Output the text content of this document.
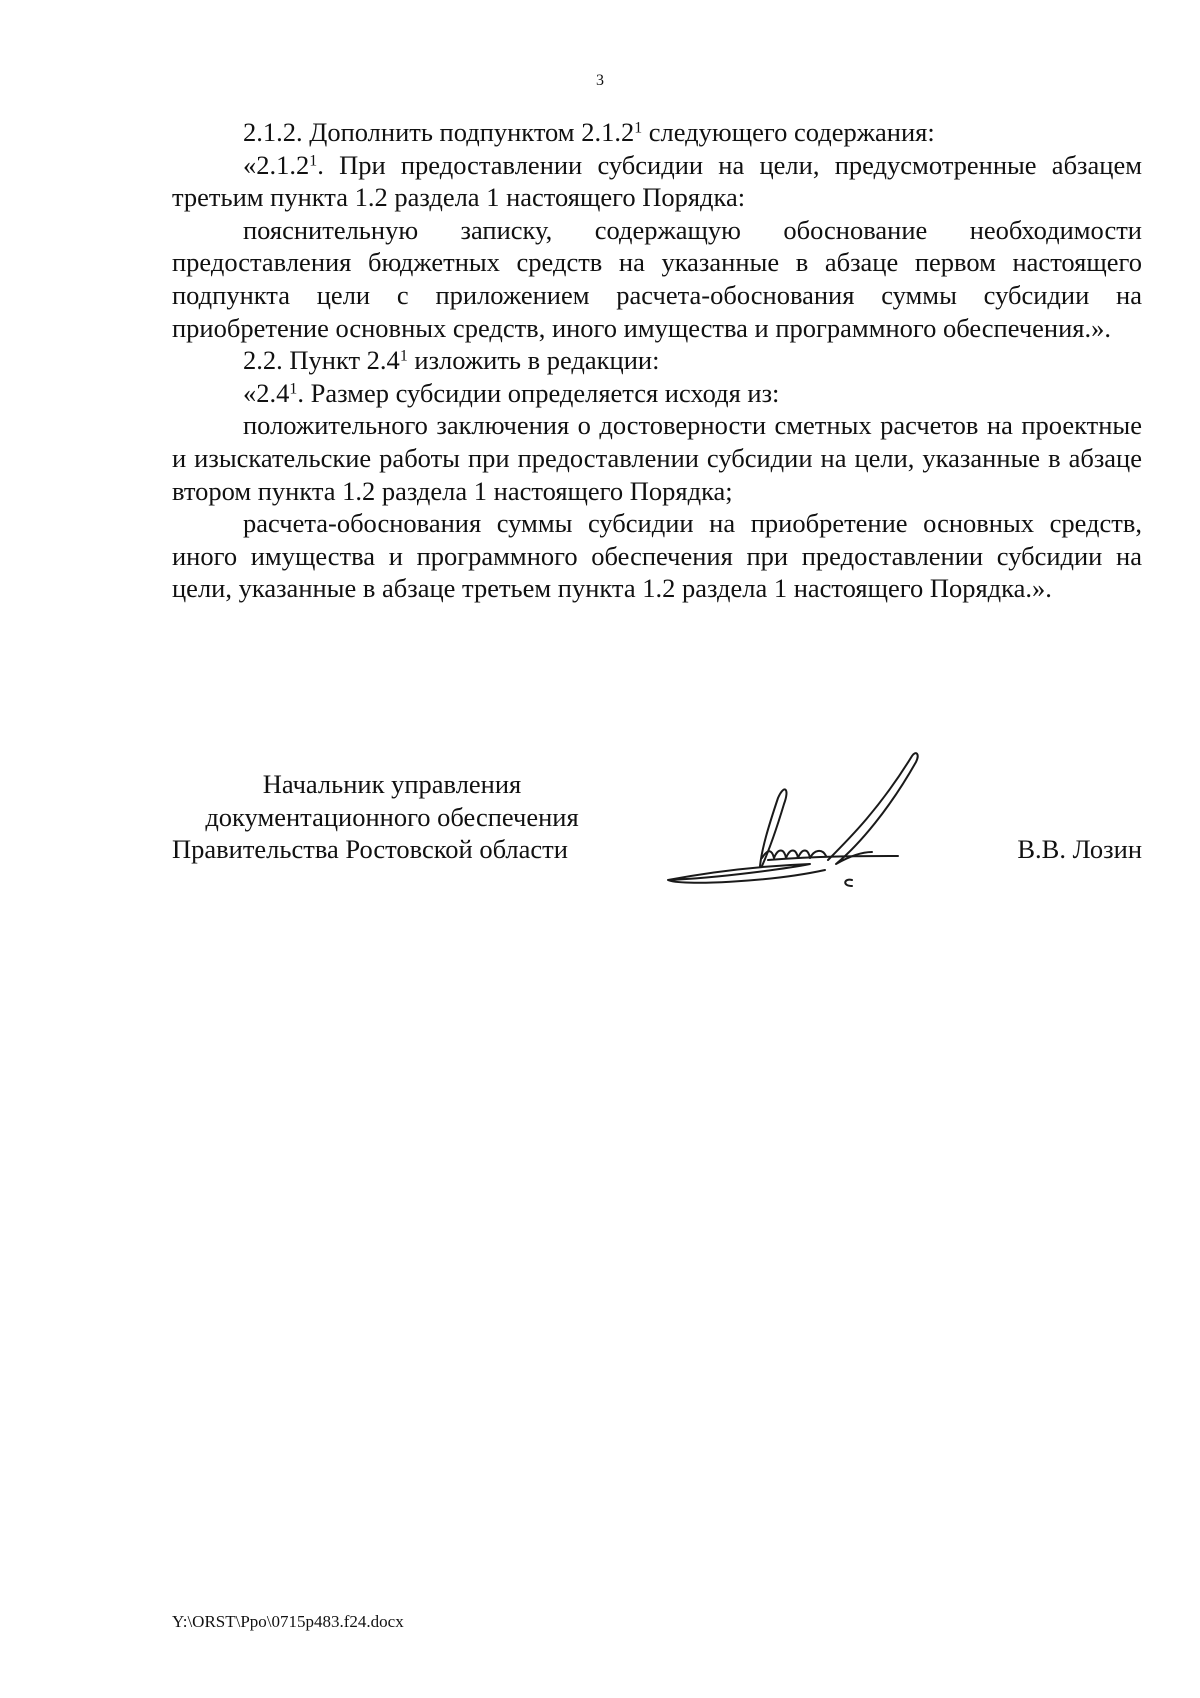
3

2.1.2. Дополнить подпунктом 2.1.2$^1$ следующего содержания:

«2.1.2$^1$. При предоставлении субсидии на цели, предусмотренные абзацем третьим пункта 1.2 раздела 1 настоящего Порядка:

пояснительную записку, содержащую обоснование необходимости предоставления бюджетных средств на указанные в абзаце первом настоящего подпункта цели с приложением расчета-обоснования суммы субсидии на приобретение основных средств, иного имущества и программного обеспечения.».

2.2. Пункт $2.4^1$ изложить в редакции:

«$2.4^1$. Размер субсидии определяется исходя из:

положительного заключения о достоверности сметных расчетов на проектные и изыскательские работы при предоставлении субсидии на цели, указанные в абзаце втором пункта 1.2 раздела 1 настоящего Порядка;

расчета-обоснования суммы субсидии на приобретение основных средств, иного имущества и программного обеспечения при предоставлении субсидии на цели, указанные в абзаце третьем пункта 1.2 раздела 1 настоящего Порядка.».

Начальник управления
документационного обеспечения
Правительства Ростовской области	В.В. Лозин
Y:\ORST\Ppo\0715p483.f24.docx
